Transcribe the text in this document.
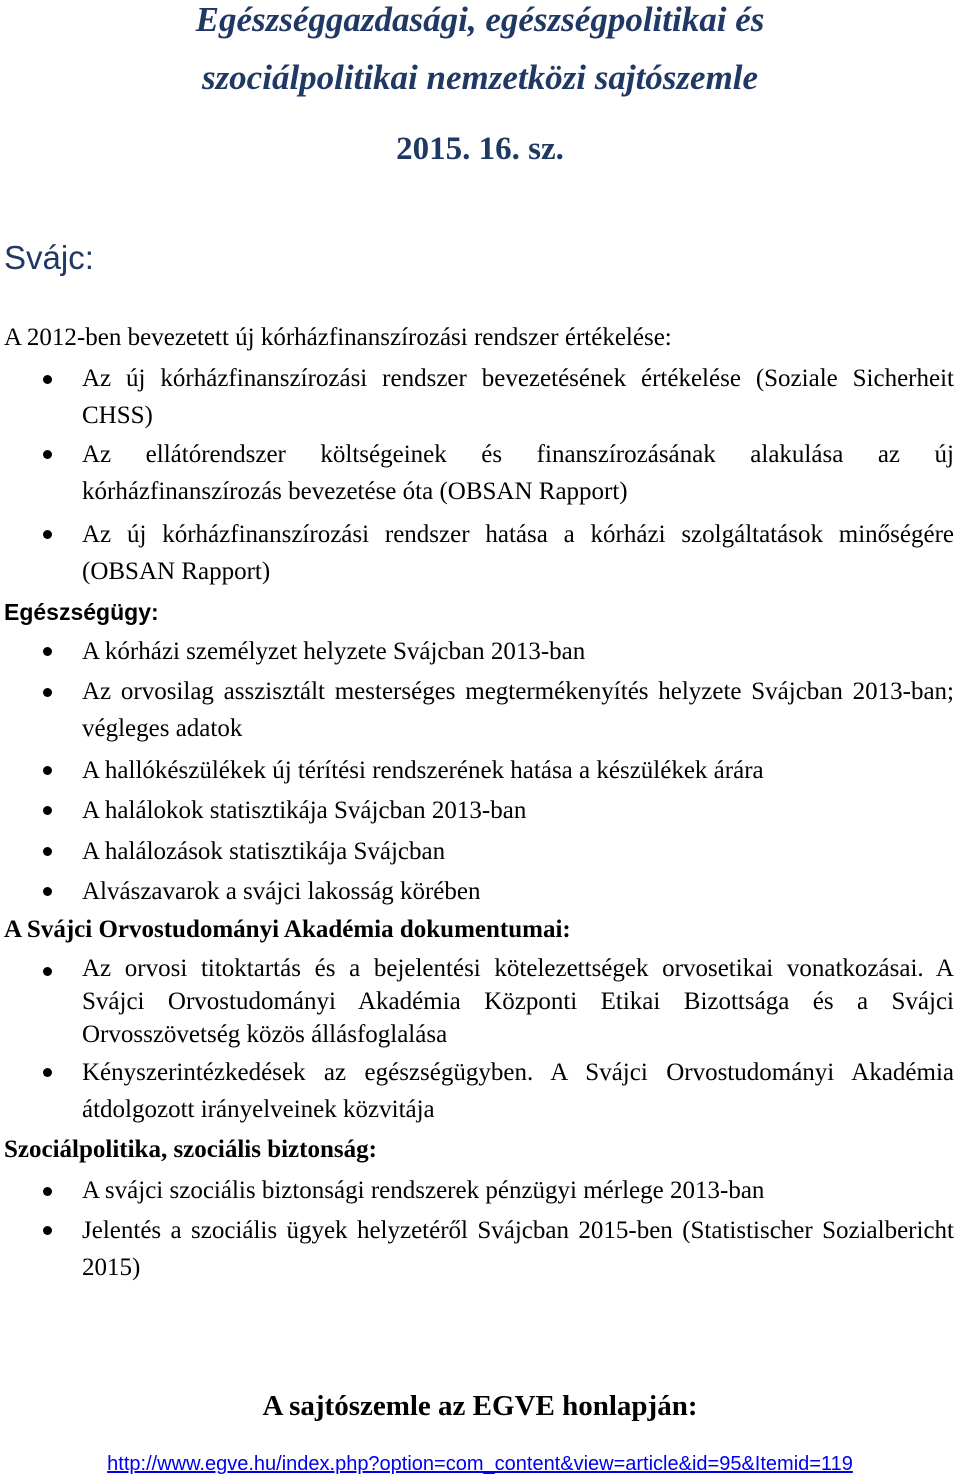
Egészséggazdasági, egészségpolitikai és
szociálpolitikai nemzetközi sajtószemle
2015. 16. sz.
Svájc:
A 2012-ben bevezetett új kórházfinanszírozási rendszer értékelése:
Az új kórházfinanszírozási rendszer bevezetésének értékelése (Soziale Sicherheit CHSS)
Az ellátórendszer költségeinek és finanszírozásának alakulása az új kórházfinanszírozás bevezetése óta (OBSAN Rapport)
Az új kórházfinanszírozási rendszer hatása a kórházi szolgáltatások minőségére (OBSAN Rapport)
Egészségügy:
A kórházi személyzet helyzete Svájcban 2013-ban
Az orvosilag asszisztált mesterséges megtermékenyítés helyzete Svájcban 2013-ban; végleges adatok
A hallókészülékek új térítési rendszerének hatása a készülékek árára
A halálokok statisztikája Svájcban 2013-ban
A halálozások statisztikája Svájcban
Alvászavarok a svájci lakosság körében
A Svájci Orvostudományi Akadémia dokumentumai:
Az orvosi titoktartás és a bejelentési kötelezettségek orvosetikai vonatkozásai. A Svájci Orvostudományi Akadémia Központi Etikai Bizottsága és a Svájci Orvosszövetség közös állásfoglalása
Kényszerintézkedések az egészségügyben. A Svájci Orvostudományi Akadémia átdolgozott irányelveinek közvitája
Szociálpolitika, szociális biztonság:
A svájci szociális biztonsági rendszerek pénzügyi mérlege 2013-ban
Jelentés a szociális ügyek helyzetéről Svájcban 2015-ben (Statistischer Sozialbericht 2015)
A sajtószemle az EGVE honlapján:
http://www.egve.hu/index.php?option=com_content&view=article&id=95&Itemid=119
